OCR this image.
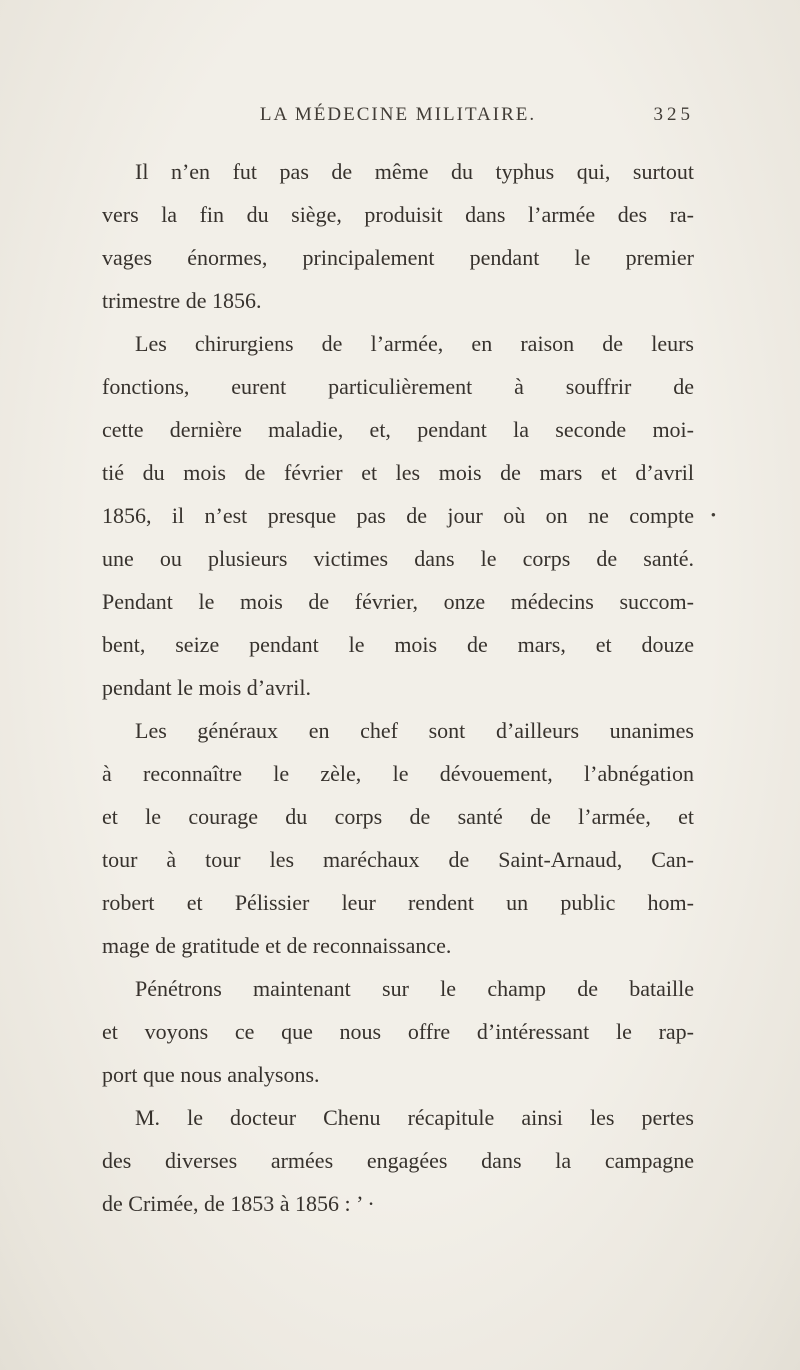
LA MÉDECINE MILITAIRE.	325

Il n’en fut pas de même du typhus qui, surtout
vers la fin du siège, produisit dans l’armée des ra-
vages énormes, principalement pendant le premier
trimestre de 1856.

Les chirurgiens de l’armée, en raison de leurs
fonctions, eurent particulièrement à souffrir de
cette dernière maladie, et, pendant la seconde moi-
tié du mois de février et les mois de mars et d’avril
1856, il n’est presque pas de jour où on ne compte •
une ou plusieurs victimes dans le corps de santé.
Pendant le mois de février, onze médecins succom-
bent, seize pendant le mois de mars, et douze
pendant le mois d’avril.

Les généraux en chef sont d’ailleurs unanimes
à reconnaître le zèle, le dévouement, l’abnégation
et le courage du corps de santé de l’armée, et
tour à tour les maréchaux de Saint-Arnaud, Can-
robert et Pélissier leur rendent un public hom-
mage de gratitude et de reconnaissance.

Pénétrons maintenant sur le champ de bataille
et voyons ce que nous offre d’intéressant le rap-
port que nous analysons.

M. le docteur Chenu récapitule ainsi les pertes
des diverses armées engagées dans la campagne
de Crimée, de 1853 à 1856 : ’ ·
